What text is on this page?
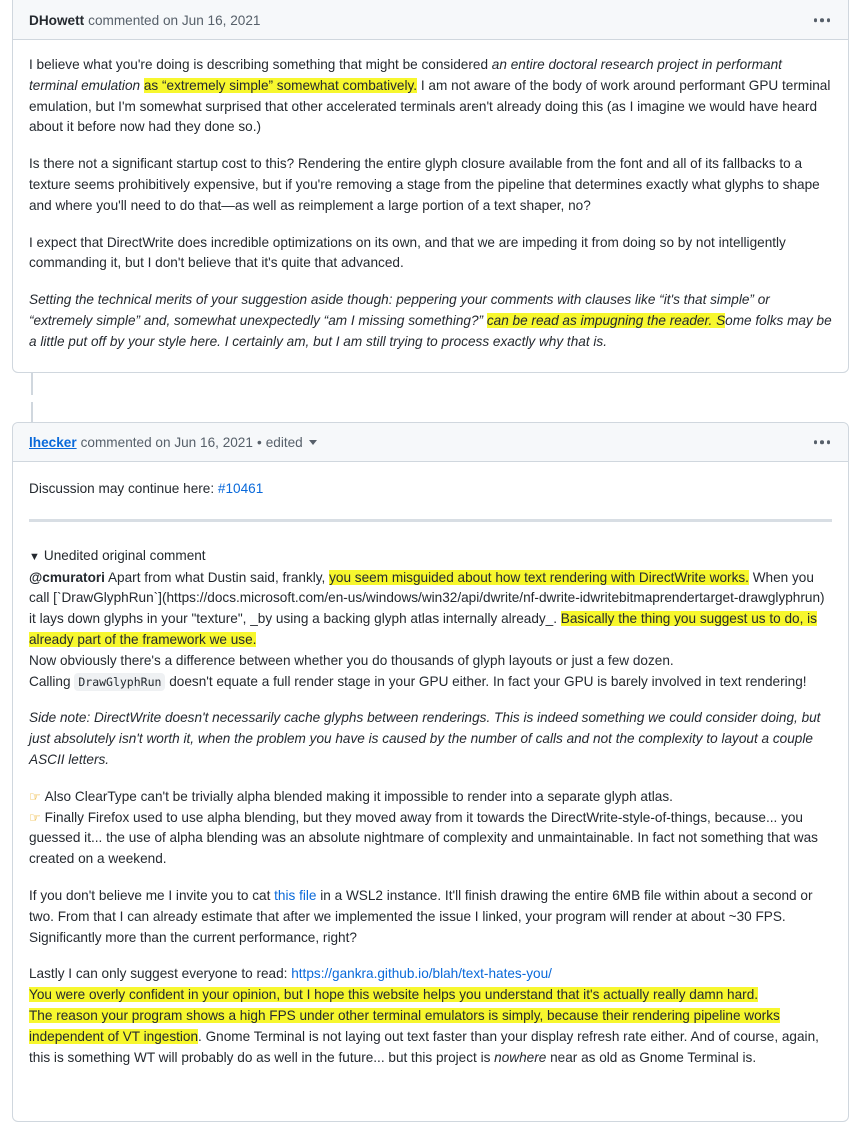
DHowett commented on Jun 16, 2021

I believe what you're doing is describing something that might be considered an entire doctoral research project in performant terminal emulation as “extremely simple” somewhat combatively. I am not aware of the body of work around performant GPU terminal emulation, but I'm somewhat surprised that other accelerated terminals aren't already doing this (as I imagine we would have heard about it before now had they done so.)

Is there not a significant startup cost to this? Rendering the entire glyph closure available from the font and all of its fallbacks to a texture seems prohibitively expensive, but if you're removing a stage from the pipeline that determines exactly what glyphs to shape and where you'll need to do that—as well as reimplement a large portion of a text shaper, no?

I expect that DirectWrite does incredible optimizations on its own, and that we are impeding it from doing so by not intelligently commanding it, but I don't believe that it's quite that advanced.

Setting the technical merits of your suggestion aside though: peppering your comments with clauses like “it's that simple” or “extremely simple” and, somewhat unexpectedly “am I missing something?” can be read as impugning the reader. Some folks may be a little put off by your style here. I certainly am, but I am still trying to process exactly why that is.

lhecker commented on Jun 16, 2021 • edited

Discussion may continue here: #10461

▼ Unedited original comment

@cmuratori Apart from what Dustin said, frankly, you seem misguided about how text rendering with DirectWrite works. When you call [`DrawGlyphRun`](https://docs.microsoft.com/en-us/windows/win32/api/dwrite/nf-dwrite-idwritebitmaprendertarget-drawglyphrun) it lays down glyphs in your "texture", _by using a backing glyph atlas internally already_. Basically the thing you suggest us to do, is already part of the framework we use.

Now obviously there's a difference between whether you do thousands of glyph layouts or just a few dozen.

Calling DrawGlyphRun doesn't equate a full render stage in your GPU either. In fact your GPU is barely involved in text rendering!

Side note: DirectWrite doesn't necessarily cache glyphs between renderings. This is indeed something we could consider doing, but just absolutely isn't worth it, when the problem you have is caused by the number of calls and not the complexity to layout a couple ASCII letters.

☞ Also ClearType can't be trivially alpha blended making it impossible to render into a separate glyph atlas.

☞ Finally Firefox used to use alpha blending, but they moved away from it towards the DirectWrite-style-of-things, because... you guessed it... the use of alpha blending was an absolute nightmare of complexity and unmaintainable. In fact not something that was created on a weekend.

If you don't believe me I invite you to cat this file in a WSL2 instance. It'll finish drawing the entire 6MB file within about a second or two. From that I can already estimate that after we implemented the issue I linked, your program will render at about ~30 FPS. Significantly more than the current performance, right?

Lastly I can only suggest everyone to read: https://gankra.github.io/blah/text-hates-you/

You were overly confident in your opinion, but I hope this website helps you understand that it's actually really damn hard.

The reason your program shows a high FPS under other terminal emulators is simply, because their rendering pipeline works independent of VT ingestion. Gnome Terminal is not laying out text faster than your display refresh rate either. And of course, again, this is something WT will probably do as well in the future... but this project is nowhere near as old as Gnome Terminal is.
